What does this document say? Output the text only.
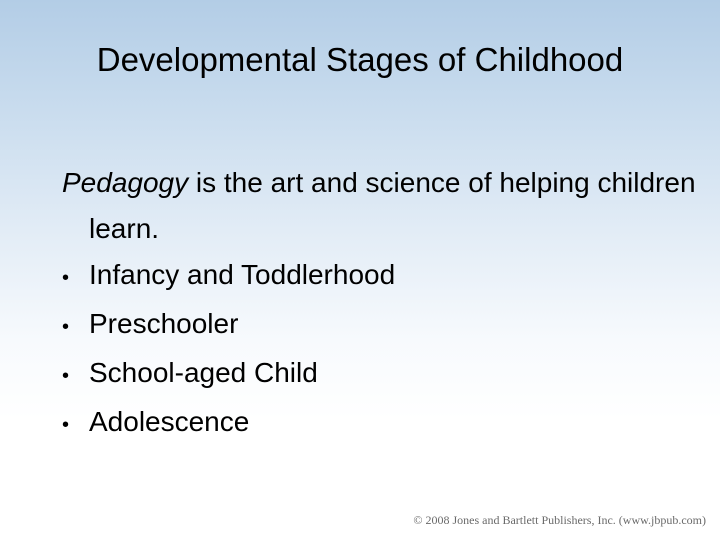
Developmental Stages of Childhood
Pedagogy is the art and science of helping children learn.
• Infancy and Toddlerhood
• Preschooler
• School-aged Child
• Adolescence
© 2008 Jones and Bartlett Publishers, Inc. (www.jbpub.com)
